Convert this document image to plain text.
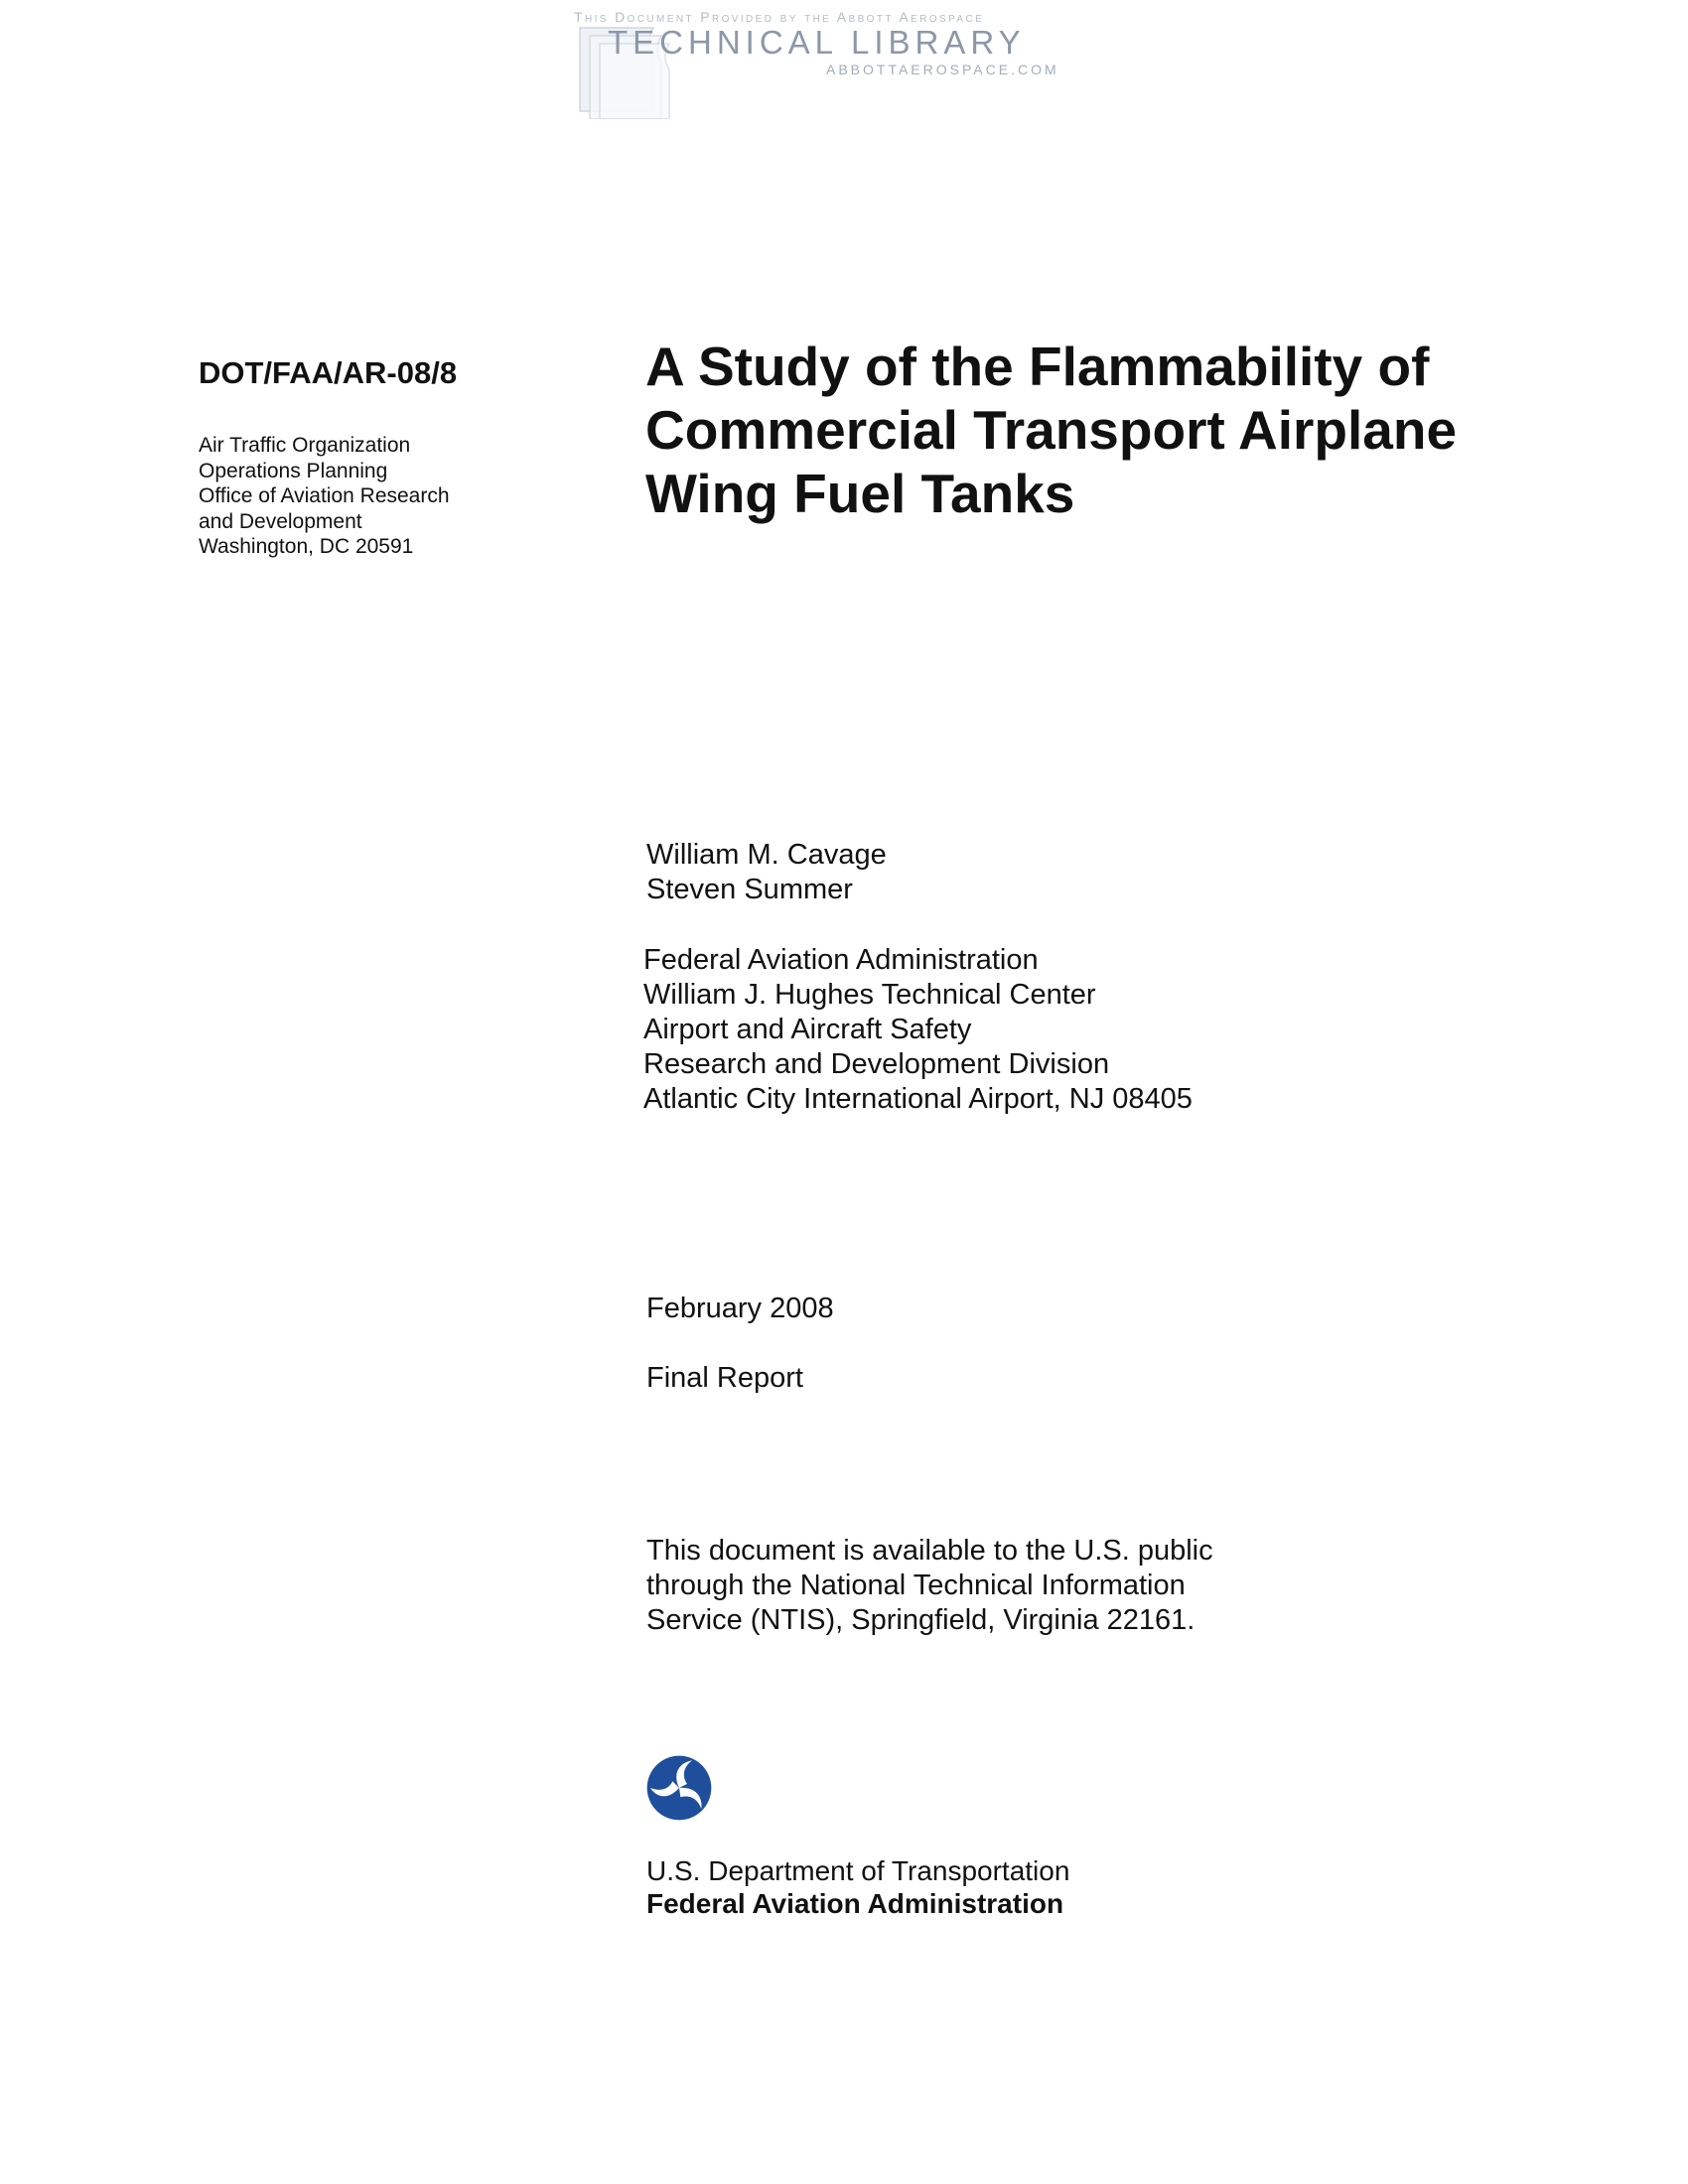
This Document Provided by the Abbott Aerospace
TECHNICAL LIBRARY
ABBOTTAEROSPACE.COM
DOT/FAA/AR-08/8
Air Traffic Organization
Operations Planning
Office of Aviation Research
and Development
Washington, DC 20591
A Study of the Flammability of
Commercial Transport Airplane
Wing Fuel Tanks
William M. Cavage
Steven Summer
Federal Aviation Administration
William J. Hughes Technical Center
Airport and Aircraft Safety
Research and Development Division
Atlantic City International Airport, NJ 08405
February 2008
Final Report
This document is available to the U.S. public
through the National Technical Information
Service (NTIS), Springfield, Virginia 22161.
U.S. Department of Transportation
Federal Aviation Administration
